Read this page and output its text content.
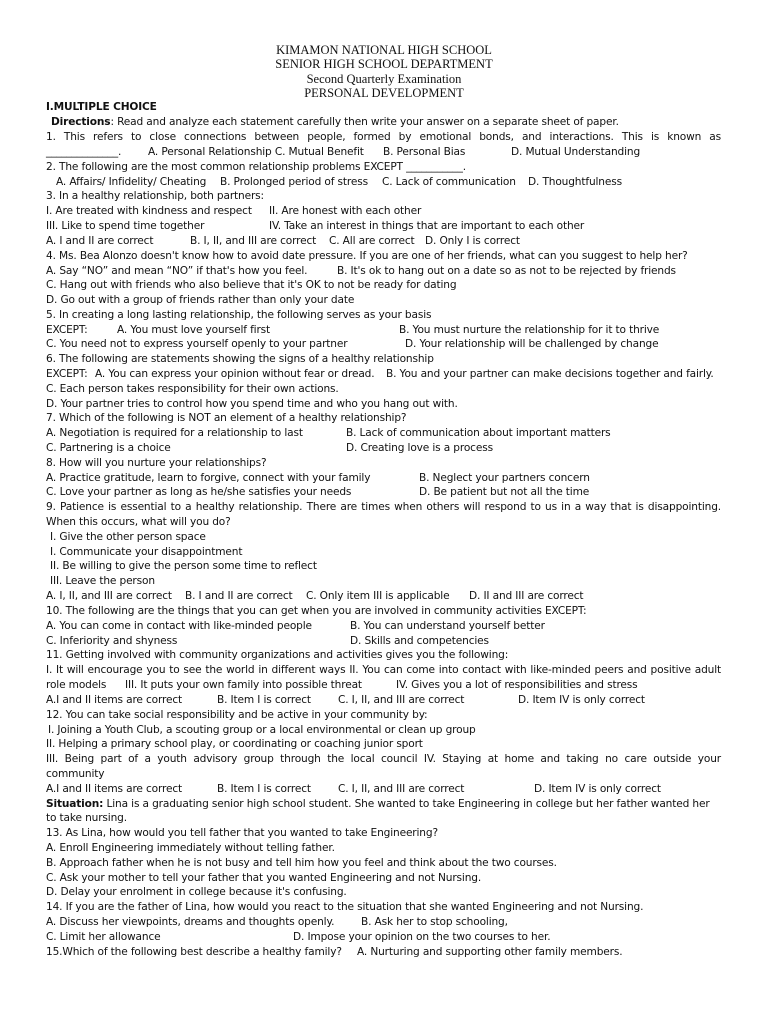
KIMAMON NATIONAL HIGH SCHOOL
SENIOR HIGH SCHOOL DEPARTMENT
Second Quarterly Examination
PERSONAL DEVELOPMENT
I.MULTIPLE CHOICE
Directions: Read and analyze each statement carefully then write your answer on a separate sheet of paper.
1. This refers to close connections between people, formed by emotional bonds, and interactions. This is known as
______________.	A. Personal Relationship C. Mutual Benefit B. Personal Bias	D. Mutual Understanding
2. The following are the most common relationship problems EXCEPT ___________.
A. Affairs/ Infidelity/ Cheating B. Prolonged period of stress C. Lack of communication D. Thoughtfulness
3. In a healthy relationship, both partners:
I. Are treated with kindness and respect II. Are honest with each other
III. Like to spend time together	IV. Take an interest in things that are important to each other
A. I and II are correct	B. I, II, and III are correct C. All are correct D. Only I is correct
4. Ms. Bea Alonzo doesn't know how to avoid date pressure. If you are one of her friends, what can you suggest to help her?
A. Say “NO” and mean “NO” if that's how you feel.	B. It's ok to hang out on a date so as not to be rejected by friends
C. Hang out with friends who also believe that it's OK to not be ready for dating
D. Go out with a group of friends rather than only your date
5. In creating a long lasting relationship, the following serves as your basis
EXCEPT:	A. You must love yourself first	B. You must nurture the relationship for it to thrive
C. You need not to express yourself openly to your partner	D. Your relationship will be challenged by change
6. The following are statements showing the signs of a healthy relationship
EXCEPT: A. You can express your opinion without fear or dread. B. You and your partner can make decisions together and fairly.
C. Each person takes responsibility for their own actions.
D. Your partner tries to control how you spend time and who you hang out with.
7. Which of the following is NOT an element of a healthy relationship?
A. Negotiation is required for a relationship to last	B. Lack of communication about important matters
C. Partnering is a choice	D. Creating love is a process
8. How will you nurture your relationships?
A. Practice gratitude, learn to forgive, connect with your family	B. Neglect your partners concern
C. Love your partner as long as he/she satisfies your needs	D. Be patient but not all the time
9. Patience is essential to a healthy relationship. There are times when others will respond to us in a way that is disappointing.
When this occurs, what will you do?
I. Give the other person space
I. Communicate your disappointment
II. Be willing to give the person some time to reflect
III. Leave the person
A. I, II, and III are correct B. I and II are correct C. Only item III is applicable D. II and III are correct
10. The following are the things that you can get when you are involved in community activities EXCEPT:
A. You can come in contact with like-minded people	B. You can understand yourself better
C. Inferiority and shyness	D. Skills and competencies
11. Getting involved with community organizations and activities gives you the following:
I. It will encourage you to see the world in different ways II. You can come into contact with like-minded peers and positive adult
role models III. It puts your own family into possible threat	IV. Gives you a lot of responsibilities and stress
A.I and II items are correct	B. Item I is correct	C. I, II, and III are correct	D. Item IV is only correct
12. You can take social responsibility and be active in your community by:
I. Joining a Youth Club, a scouting group or a local environmental or clean up group
II. Helping a primary school play, or coordinating or coaching junior sport
III. Being part of a youth advisory group through the local council IV. Staying at home and taking no care outside your
community
A.I and II items are correct	B. Item I is correct	C. I, II, and III are correct	D. Item IV is only correct
Situation: Lina is a graduating senior high school student. She wanted to take Engineering in college but her father wanted her
to take nursing.
13. As Lina, how would you tell father that you wanted to take Engineering?
A. Enroll Engineering immediately without telling father.
B. Approach father when he is not busy and tell him how you feel and think about the two courses.
C. Ask your mother to tell your father that you wanted Engineering and not Nursing.
D. Delay your enrolment in college because it's confusing.
14. If you are the father of Lina, how would you react to the situation that she wanted Engineering and not Nursing.
A. Discuss her viewpoints, dreams and thoughts openly.	B. Ask her to stop schooling,
C. Limit her allowance	D. Impose your opinion on the two courses to her.
15.Which of the following best describe a healthy family? A. Nurturing and supporting other family members.
